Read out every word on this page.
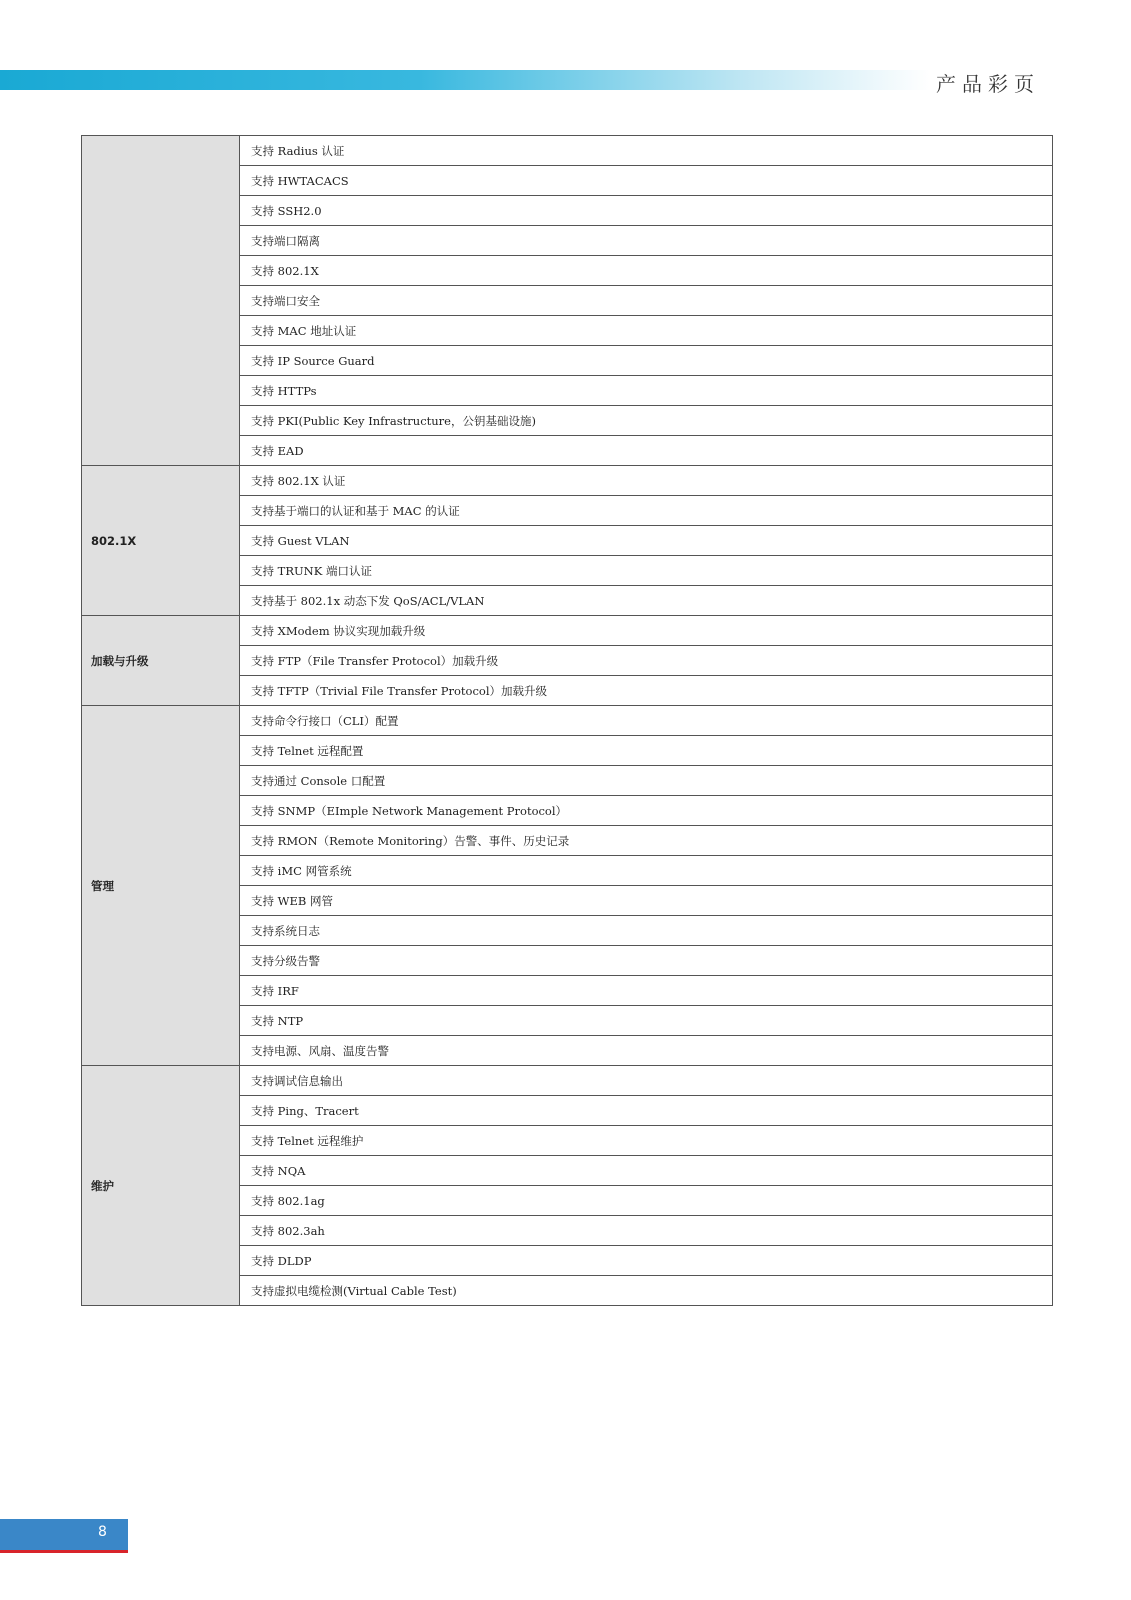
产品彩页
	支持 Radius 认证
	支持 HWTACACS
	支持 SSH2.0
	支持端口隔离
	支持 802.1X
	支持端口安全
	支持 MAC 地址认证
	支持 IP Source Guard
	支持 HTTPs
	支持 PKI(Public Key Infrastructure，公钥基础设施)
	支持 EAD
802.1X	支持 802.1X 认证
	支持基于端口的认证和基于 MAC 的认证
	支持 Guest VLAN
	支持 TRUNK 端口认证
	支持基于 802.1x 动态下发 QoS/ACL/VLAN
加载与升级	支持 XModem 协议实现加载升级
	支持 FTP（File Transfer Protocol）加载升级
	支持 TFTP（Trivial File Transfer Protocol）加载升级
管理	支持命令行接口（CLI）配置
	支持 Telnet 远程配置
	支持通过 Console 口配置
	支持 SNMP（EImple Network Management Protocol）
	支持 RMON（Remote Monitoring）告警、事件、历史记录
	支持 iMC 网管系统
	支持 WEB 网管
	支持系统日志
	支持分级告警
	支持 IRF
	支持 NTP
	支持电源、风扇、温度告警
维护	支持调试信息输出
	支持 Ping、Tracert
	支持 Telnet 远程维护
	支持 NQA
	支持 802.1ag
	支持 802.3ah
	支持 DLDP
	支持虚拟电缆检测(Virtual Cable Test)
8
